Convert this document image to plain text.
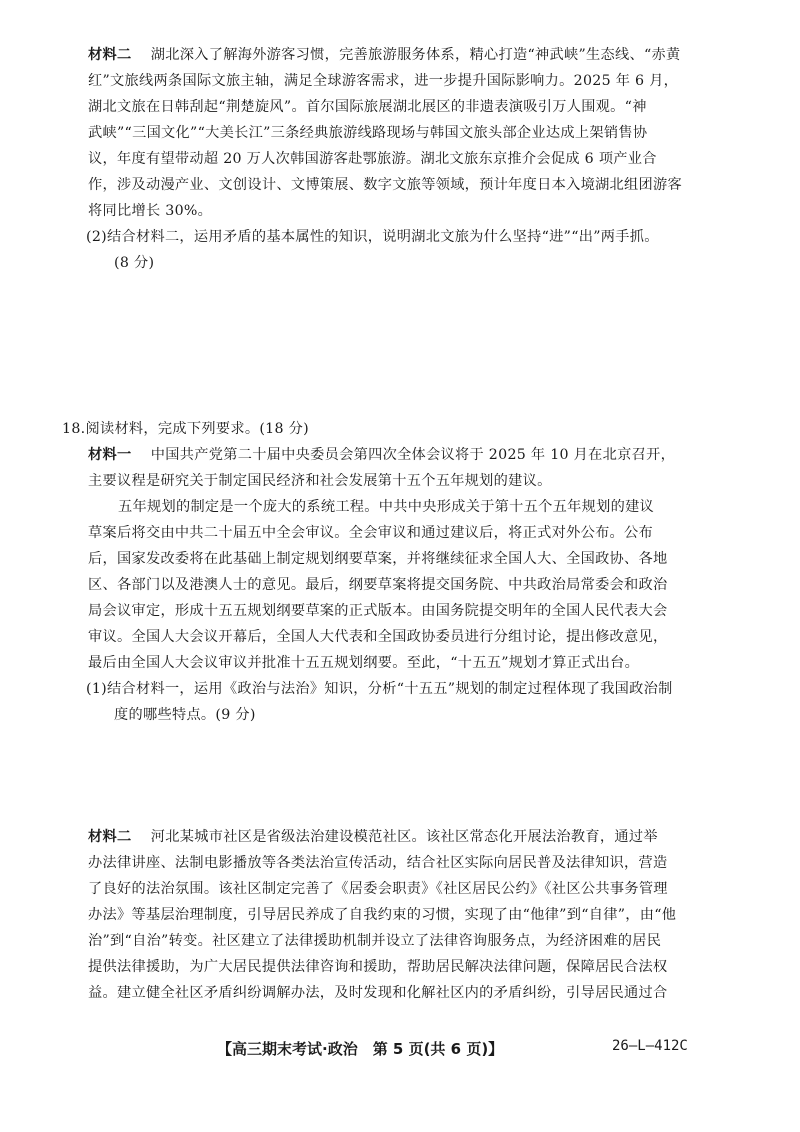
材料二　 湖北深入了解海外游客习惯，完善旅游服务体系，精心打造“神武峡”生态线、“赤黄
红”文旅线两条国际文旅主轴，满足全球游客需求，进一步提升国际影响力。2025 年 6 月，
湖北文旅在日韩刮起“荆楚旋风”。首尔国际旅展湖北展区的非遗表演吸引万人围观。“神
武峡”“三国文化”“大美长江”三条经典旅游线路现场与韩国文旅头部企业达成上架销售协
议，年度有望带动超 20 万人次韩国游客赴鄂旅游。湖北文旅东京推介会促成 6 项产业合
作，涉及动漫产业、文创设计、文博策展、数字文旅等领域，预计年度日本入境湖北组团游客
将同比增长 30%。
(2)结合材料二，运用矛盾的基本属性的知识，说明湖北文旅为什么坚持“进”“出”两手抓。
(8 分)
18.阅读材料，完成下列要求。(18 分)
材料一　 中国共产党第二十届中央委员会第四次全体会议将于 2025 年 10 月在北京召开，
主要议程是研究关于制定国民经济和社会发展第十五个五年规划的建议。
五年规划的制定是一个庞大的系统工程。中共中央形成关于第十五个五年规划的建议
草案后将交由中共二十届五中全会审议。全会审议和通过建议后，将正式对外公布。公布
后，国家发改委将在此基础上制定规划纲要草案，并将继续征求全国人大、全国政协、各地
区、各部门以及港澳人士的意见。最后，纲要草案将提交国务院、中共政治局常委会和政治
局会议审定，形成十五五规划纲要草案的正式版本。由国务院提交明年的全国人民代表大会
审议。全国人大会议开幕后，全国人大代表和全国政协委员进行分组讨论，提出修改意见，
最后由全国人大会议审议并批准十五五规划纲要。至此，“十五五”规划才算正式出台。
(1)结合材料一，运用《政治与法治》知识，分析“十五五”规划的制定过程体现了我国政治制
度的哪些特点。(9 分)
材料二　 河北某城市社区是省级法治建设模范社区。该社区常态化开展法治教育，通过举
办法律讲座、法制电影播放等各类法治宣传活动，结合社区实际向居民普及法律知识，营造
了良好的法治氛围。该社区制定完善了《居委会职责》《社区居民公约》《社区公共事务管理
办法》等基层治理制度，引导居民养成了自我约束的习惯，实现了由“他律”到“自律”，由“他
治”到“自治”转变。社区建立了法律援助机制并设立了法律咨询服务点，为经济困难的居民
提供法律援助，为广大居民提供法律咨询和援助，帮助居民解决法律问题，保障居民合法权
益。建立健全社区矛盾纠纷调解办法，及时发现和化解社区内的矛盾纠纷，引导居民通过合
【高三期末考试·政治　第 5 页(共 6 页)】	26—L—412C
